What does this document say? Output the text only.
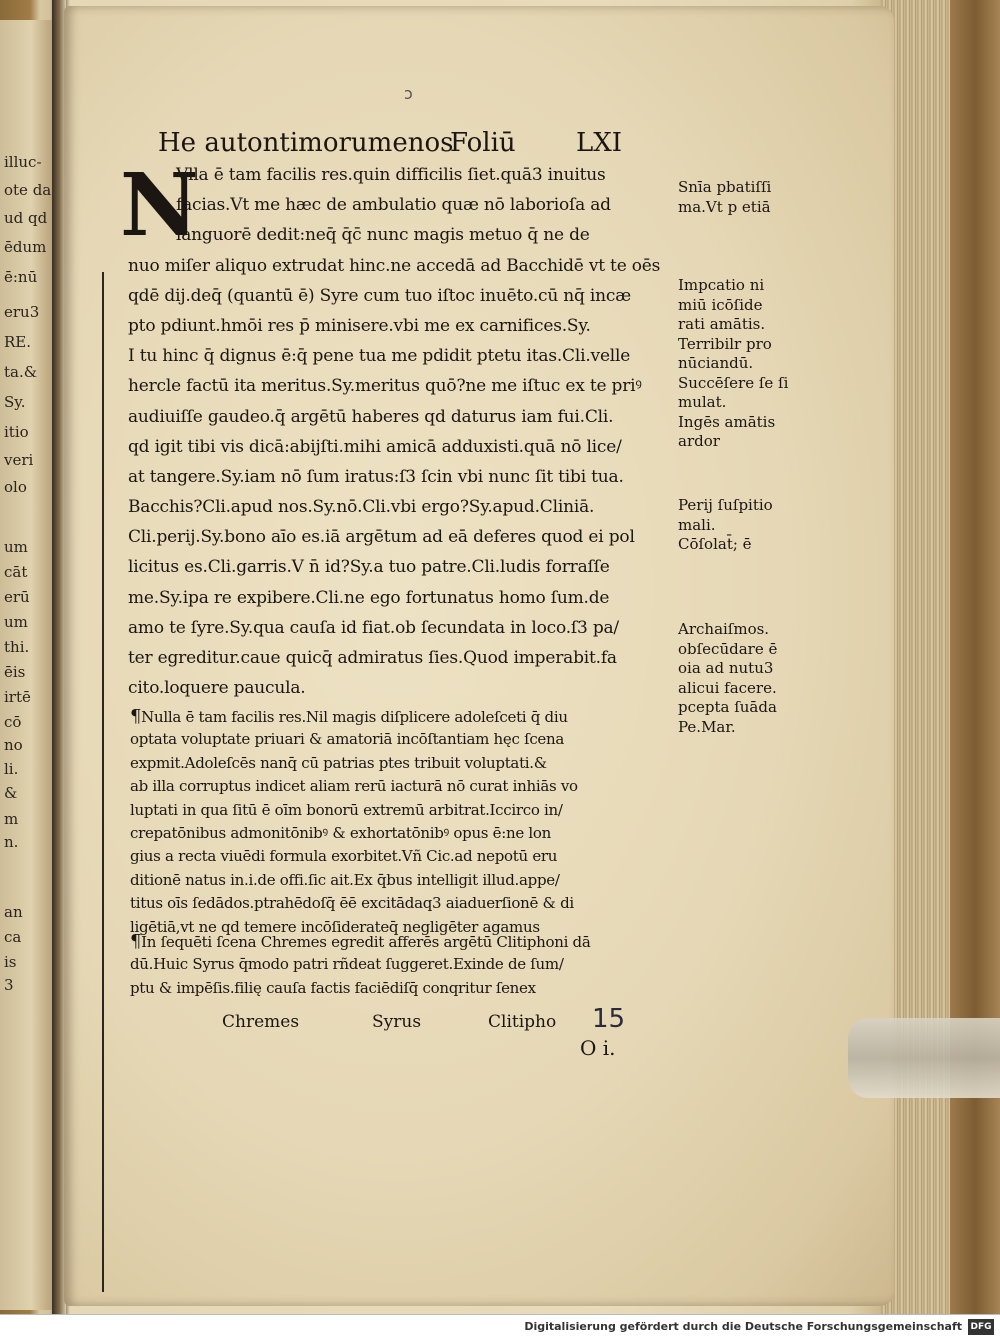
illuc-
ote da
ud qd
ēdum
ē:nū
eru3
RE.
ta.&
Sy.
itio
veri
olo
um
cāt
erū
um
thi.
ēis
irtē
cō
no
li.
&
m
n.
an
ca
is
3
ɔ
He autontimorumenos
Foliū LXI
N
Vlla ē tam facilis res.quin difficilis ſiet.quā3 inuitus
facias.Vt me hæc de ambulatio quæ nō laborioſa ad
languorē dedit:neq̄ q̄c̄ nunc magis metuo q̄ ne de
nuo miſer aliquo extrudat hinc.ne accedā ad Bacchidē vt te oēs
qdē dij.deq̄ (quantū ē) Syre cum tuo iſtoc inuēto.cū nq̄ incæ
pto pdiunt.hmōi res p̄ minisere.vbi me ex carnifices.Sy.
I tu hinc q̄ dignus ē:q̄ pene tua me pdidit ptetu itas.Cli.velle
hercle factū ita meritus.Sy.meritus quō?ne me iſtuc ex te priꝰ
audiuiſſe gaudeo.q̄ argētū haberes qd daturus iam fui.Cli.
qd igit tibi vis dicā:abijſti.mihi amicā adduxisti.quā nō lice/
at tangere.Sy.iam nō ſum iratus:ſ3 ſcin vbi nunc ſit tibi tua.
Bacchis?Cli.apud nos.Sy.nō.Cli.vbi ergo?Sy.apud.Cliniā.
Cli.perij.Sy.bono aīo es.iā argētum ad eā deferes quod ei pol
licitus es.Cli.garris.V n̄ id?Sy.a tuo patre.Cli.ludis forraſſe
me.Sy.ipa re expibere.Cli.ne ego fortunatus homo ſum.de
amo te ſyre.Sy.qua cauſa id fiat.ob ſecundata in loco.ſ3 pa/
ter egreditur.caue quicq̄ admiratus ſies.Quod imperabit.fa
cito.loquere paucula.
¶Nulla ē tam facilis res.Nil magis diſplicere adoleſceti q̄ diu
optata voluptate priuari & amatoriā incōſtantiam hęc ſcena
expmit.Adoleſcēs nanq̄ cū patrias ptes tribuit voluptati.&
ab illa corruptus indicet aliam rerū iacturā nō curat inhiās vo
luptati in qua ſitū ē oīm bonorū extremū arbitrat.Iccirco in/
crepatōnibus admonitōnibꝰ & exhortatōnibꝰ opus ē:ne lon
gius a recta viuēdi formula exorbitet.Vñ Cic.ad nepotū eru
ditionē natus in.i.de offi.ſic ait.Ex q̄bus intelligit illud.appe/
titus oīs ſedādos.ptrahēdoſq̄ ēē excitādaq3 aiaduerſionē & di
ligētiā,vt ne qd temere incōſiderateq̄ negligēter agamus
¶In ſequēti ſcena Chremes egredit afferēs argētū Clitiphoni dā
dū.Huic Syrus q̄modo patri rñdeat ſuggeret.Exinde de ſum/
ptu & impēſis.filię cauſa factis faciēdiſq̄ conqritur ſenex
Chremes	Syrus	Clitipho 15
O i.
Snīa pbatiſſi
ma.Vt p etiā
Impcatio ni
miū icōſide
rati amātis.
Terribilr pro
nūciandū.
Succēſere ſe ſi
mulat.
Ingēs amātis
ardor
Perij ſuſpitio
mali.
Cōſolat̄; ē
Archaiſmos.
obſecūdare ē
oia ad nutu3
alicui facere.
pcepta ſuāda
Pe.Mar.
Digitalisierung gefördert durch die Deutsche Forschungsgemeinschaft DFG
